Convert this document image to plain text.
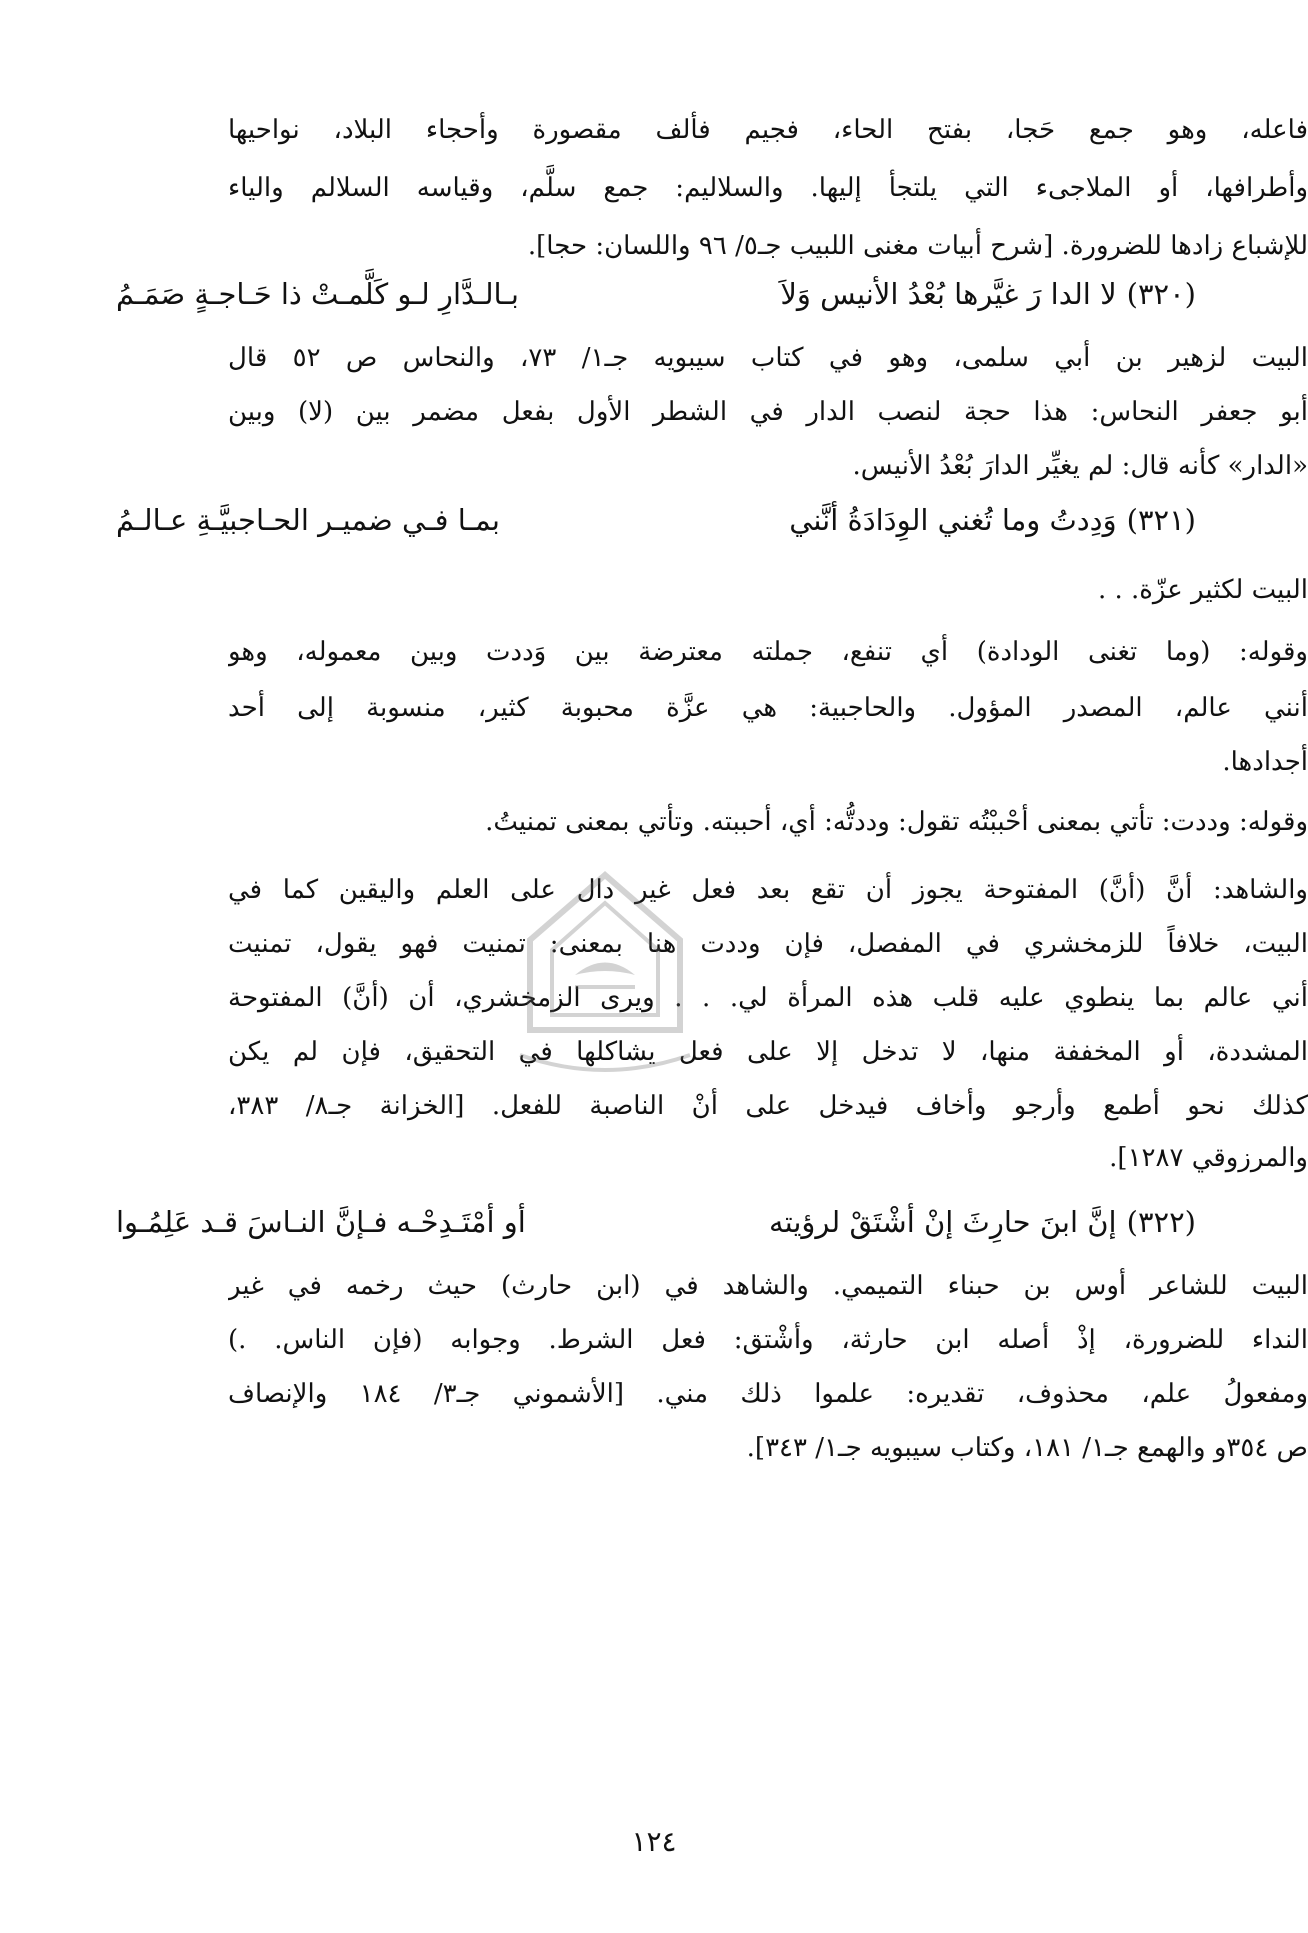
فاعله، وهو جمع حَجا، بفتح الحاء، فجيم فألف مقصورة وأحجاء البلاد، نواحيها
وأطرافها، أو الملاجىء التي يلتجأ إليها. والسلاليم: جمع سلَّم، وقياسه السلالم والياء
للإشباع زادها للضرورة. [شرح أبيات مغنى اللبيب جـ٥/ ٩٦ واللسان: حجا].
(٣٢٠)
لا الدا رَ غيَّرها بُعْدُ الأنيس وَلاَ
بـالـدَّارِ لـو كَلَّمـتْ ذا حَـاجـةٍ صَمَـمُ
البيت لزهير بن أبي سلمى، وهو في كتاب سيبويه جـ١/ ٧٣، والنحاس ص ٥٢ قال
أبو جعفر النحاس: هذا حجة لنصب الدار في الشطر الأول بفعل مضمر بين (لا) وبين
«الدار» كأنه قال: لم يغيِّر الدارَ بُعْدُ الأنيس.
(٣٢١)
وَدِدتُ وما تُغني الوِدَادَةُ أنَّني
بمـا فـي ضميـر الحـاجبيَّـةِ عـالـمُ
البيت لكثير عزّة. . .
وقوله: (وما تغنى الودادة) أي تنفع، جملته معترضة بين وَددت وبين معموله، وهو
أنني عالم، المصدر المؤول. والحاجبية: هي عزَّة محبوبة كثير، منسوبة إلى أحد
أجدادها.
وقوله: وددت: تأتي بمعنى أحْببْتُه تقول: وددتُّه: أي، أحببته. وتأتي بمعنى تمنيتُ.
والشاهد: أنَّ (أنَّ) المفتوحة يجوز أن تقع بعد فعل غير دال على العلم واليقين كما في
البيت، خلافاً للزمخشري في المفصل، فإن وددت هنا بمعنى: تمنيت فهو يقول، تمنيت
أني عالم بما ينطوي عليه قلب هذه المرأة لي. . . ويرى الزمخشري، أن (أنَّ) المفتوحة
المشددة، أو المخففة منها، لا تدخل إلا على فعل يشاكلها في التحقيق، فإن لم يكن
كذلك نحو أطمع وأرجو وأخاف فيدخل على أنْ الناصبة للفعل. [الخزانة جـ٨/ ٣٨٣،
والمرزوقي ١٢٨٧].
(٣٢٢)
إنَّ ابنَ حارِثَ إنْ أشْتَقْ لرؤيته
أو أمْتَـدِحْـه فـإنَّ النـاسَ قـد عَلِمُـوا
البيت للشاعر أوس بن حبناء التميمي. والشاهد في (ابن حارث) حيث رخمه في غير
النداء للضرورة، إذْ أصله ابن حارثة، وأشْتق: فعل الشرط. وجوابه (فإن الناس. .)
ومفعولُ علم، محذوف، تقديره: علموا ذلك مني. [الأشموني جـ٣/ ١٨٤ والإنصاف
ص ٣٥٤و والهمع جـ١/ ١٨١، وكتاب سيبويه جـ١/ ٣٤٣].
١٢٤
